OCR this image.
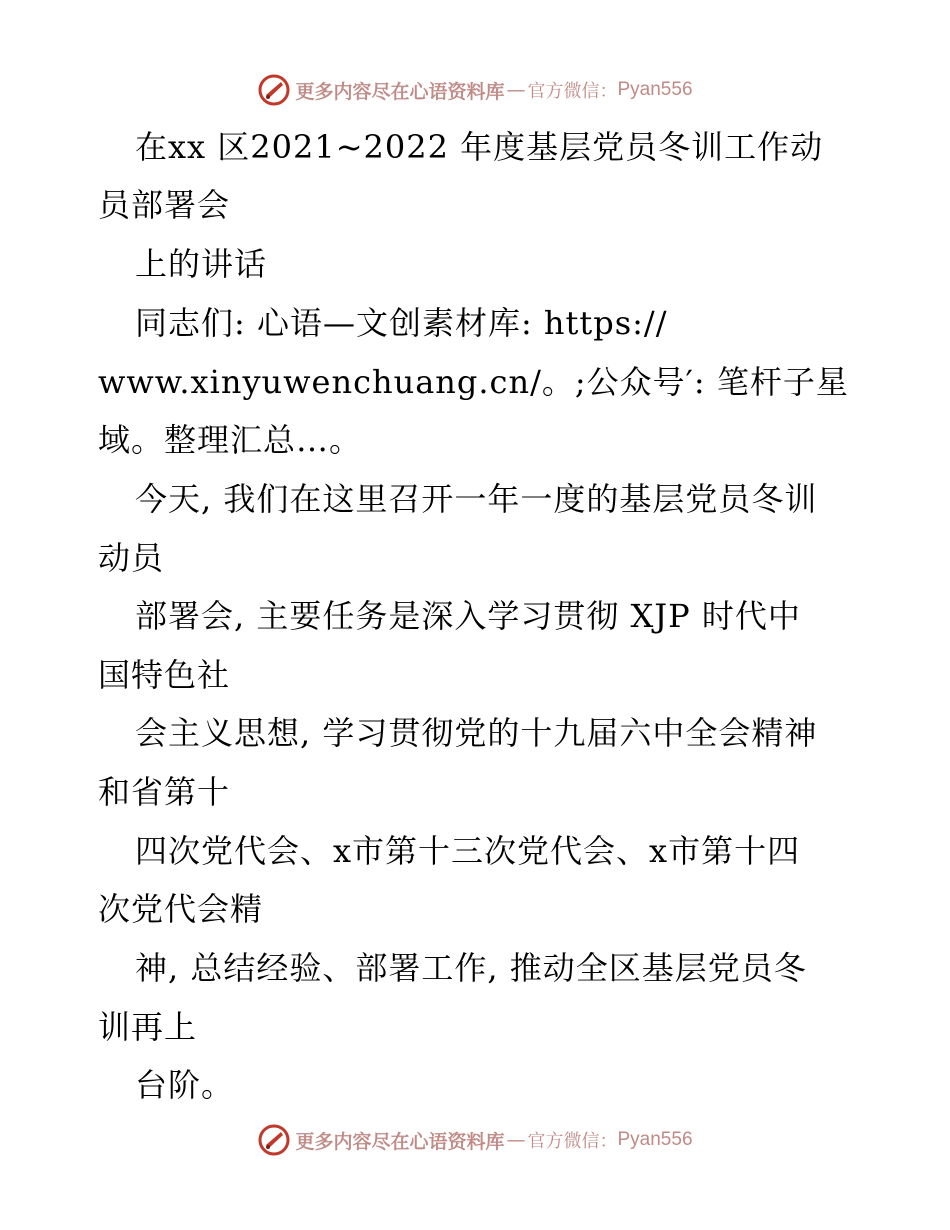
更多内容尽在心语资料库 — 官方微信： Pyan556
在xx 区2021~2022 年度基层党员冬训工作动
员部署会
上的讲话
同志们: 心语—文创素材库: https://
www.xinyuwenchuang.cn/。;公众号′: 笔杆子星
域。整理汇总…。
今天, 我们在这里召开一年一度的基层党员冬训
动员
部署会, 主要任务是深入学习贯彻 XJP 时代中
国特色社
会主义思想, 学习贯彻党的十九届六中全会精神
和省第十
四次党代会、x市第十三次党代会、x市第十四
次党代会精
神, 总结经验、部署工作, 推动全区基层党员冬
训再上
台阶。
更多内容尽在心语资料库 — 官方微信： Pyan556
